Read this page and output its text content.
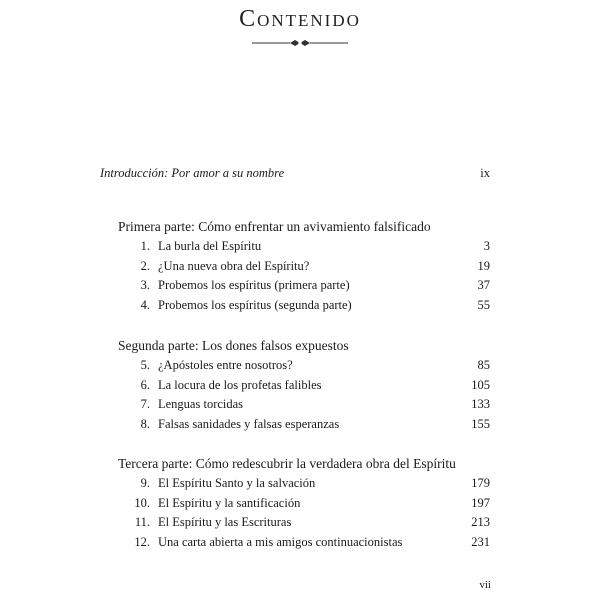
Contenido
Introducción: Por amor a su nombre	ix
Primera parte: Cómo enfrentar un avivamiento falsificado
1. La burla del Espíritu	3
2. ¿Una nueva obra del Espíritu?	19
3. Probemos los espíritus (primera parte)	37
4. Probemos los espíritus (segunda parte)	55
Segunda parte: Los dones falsos expuestos
5. ¿Apóstoles entre nosotros?	85
6. La locura de los profetas falibles	105
7. Lenguas torcidas	133
8. Falsas sanidades y falsas esperanzas	155
Tercera parte: Cómo redescubrir la verdadera obra del Espíritu
9. El Espíritu Santo y la salvación	179
10. El Espíritu y la santificación	197
11. El Espíritu y las Escrituras	213
12. Una carta abierta a mis amigos continuacionistas	231
vii
